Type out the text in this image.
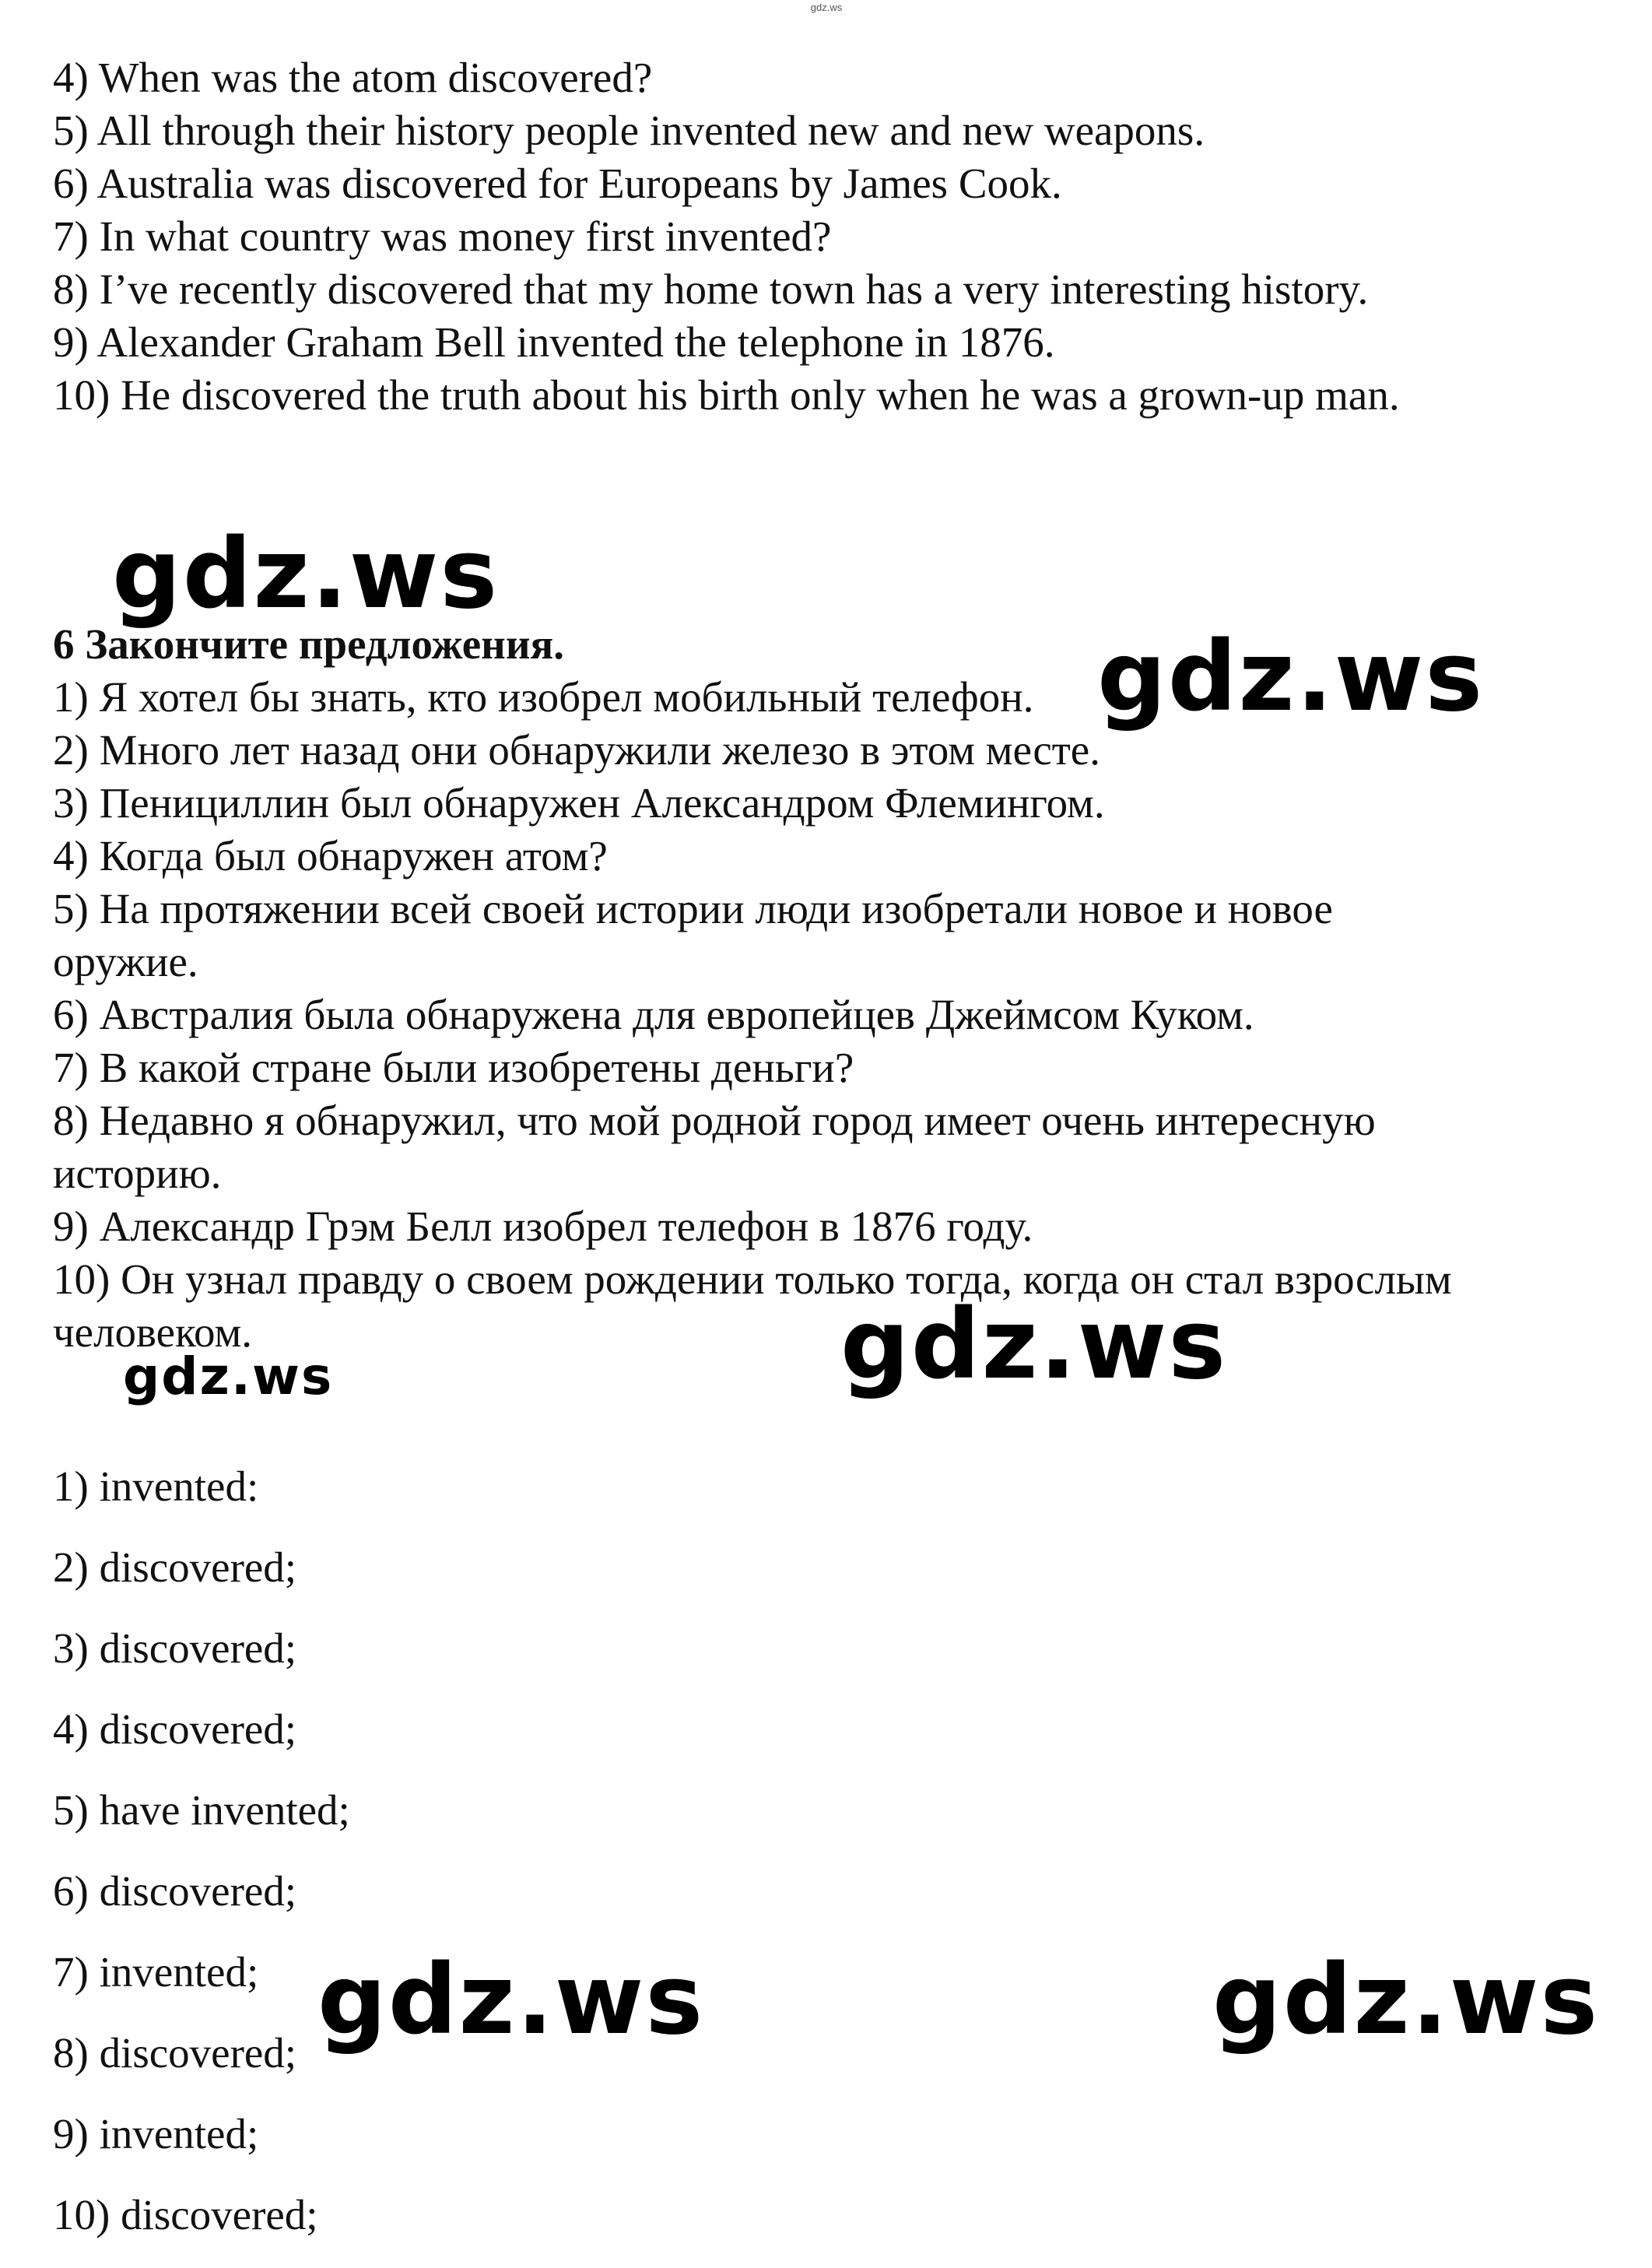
gdz.ws
4) When was the atom discovered?
5) All through their history people invented new and new weapons.
6) Australia was discovered for Europeans by James Cook.
7) In what country was money first invented?
8) I’ve recently discovered that my home town has a very interesting history.
9) Alexander Graham Bell invented the telephone in 1876.
10) He discovered the truth about his birth only when he was a grown-up man.
6 Закончите предложения.
1) Я хотел бы знать, кто изобрел мобильный телефон.
2) Много лет назад они обнаружили железо в этом месте.
3) Пенициллин был обнаружен Александром Флемингом.
4) Когда был обнаружен атом?
5) На протяжении всей своей истории люди изобретали новое и новое
оружие.
6) Австралия была обнаружена для европейцев Джеймсом Куком.
7) В какой стране были изобретены деньги?
8) Недавно я обнаружил, что мой родной город имеет очень интересную
историю.
9) Александр Грэм Белл изобрел телефон в 1876 году.
10) Он узнал правду о своем рождении только тогда, когда он стал взрослым
человеком.
1) invented:
2) discovered;
3) discovered;
4) discovered;
5) have invented;
6) discovered;
7) invented;
8) discovered;
9) invented;
10) discovered;
gdz.ws
gdz.ws
gdz.ws
gdz.ws
gdz.ws	gdz.ws
